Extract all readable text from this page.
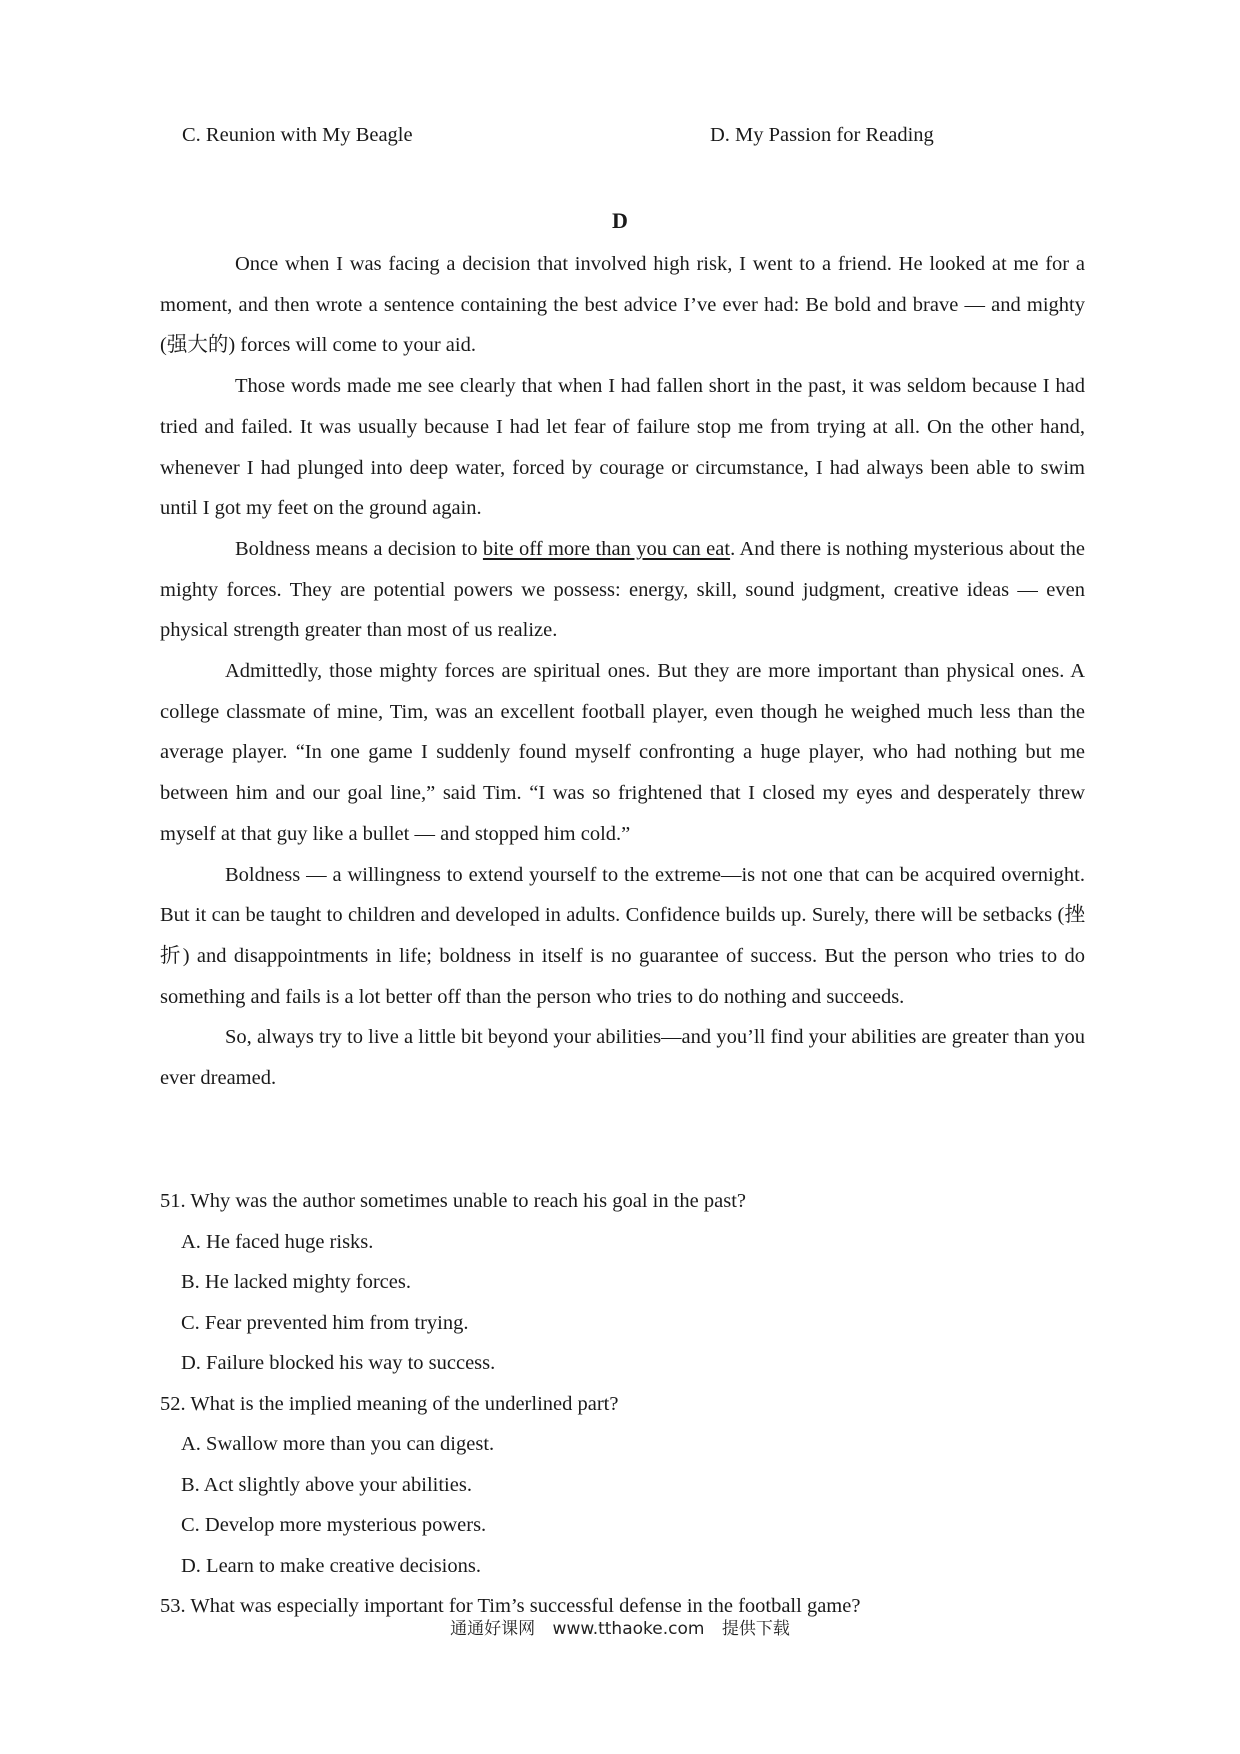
C. Reunion with My Beagle	D. My Passion for Reading
D

Once when I was facing a decision that involved high risk, I went to a friend. He looked at me for a moment, and then wrote a sentence containing the best advice I’ve ever had: Be bold and brave — and mighty (强大的) forces will come to your aid.

Those words made me see clearly that when I had fallen short in the past, it was seldom because I had tried and failed. It was usually because I had let fear of failure stop me from trying at all. On the other hand, whenever I had plunged into deep water, forced by courage or circumstance, I had always been able to swim until I got my feet on the ground again.

Boldness means a decision to bite off more than you can eat. And there is nothing mysterious about the mighty forces. They are potential powers we possess: energy, skill, sound judgment, creative ideas — even physical strength greater than most of us realize.

Admittedly, those mighty forces are spiritual ones. But they are more important than physical ones. A college classmate of mine, Tim, was an excellent football player, even though he weighed much less than the average player. “In one game I suddenly found myself confronting a huge player, who had nothing but me between him and our goal line,” said Tim. “I was so frightened that I closed my eyes and desperately threw myself at that guy like a bullet — and stopped him cold.”

Boldness — a willingness to extend yourself to the extreme—is not one that can be acquired overnight. But it can be taught to children and developed in adults. Confidence builds up. Surely, there will be setbacks (挫折) and disappointments in life; boldness in itself is no guarantee of success. But the person who tries to do something and fails is a lot better off than the person who tries to do nothing and succeeds.

So, always try to live a little bit beyond your abilities—and you’ll find your abilities are greater than you ever dreamed.

51. Why was the author sometimes unable to reach his goal in the past?

A. He faced huge risks.

B. He lacked mighty forces.

C. Fear prevented him from trying.

D. Failure blocked his way to success.

52. What is the implied meaning of the underlined part?

A. Swallow more than you can digest.

B. Act slightly above your abilities.

C. Develop more mysterious powers.

D. Learn to make creative decisions.

53. What was especially important for Tim’s successful defense in the football game?

通通好课网 www.tthaoke.com 提供下载
